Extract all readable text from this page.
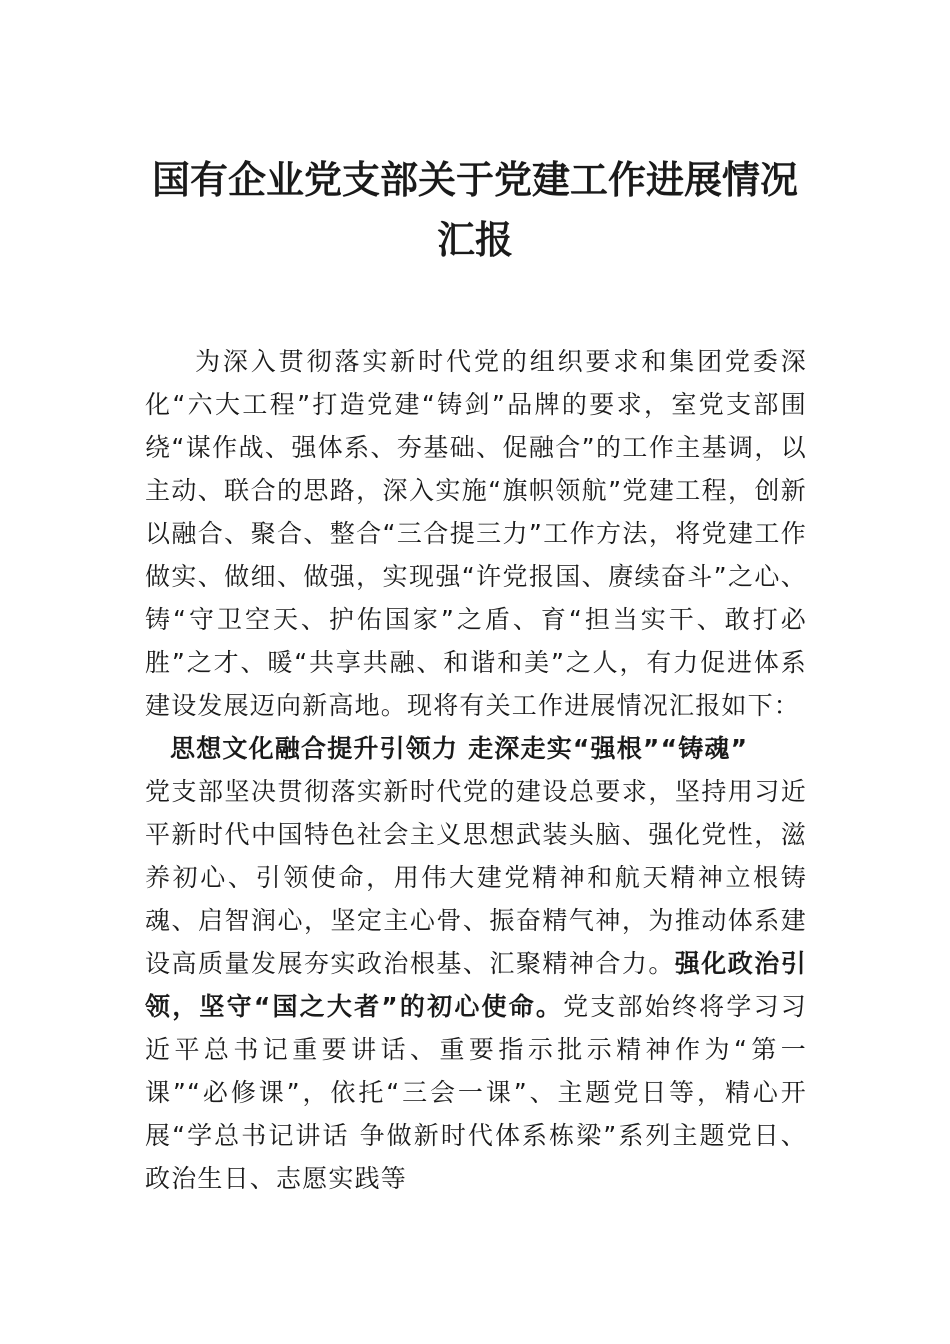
国有企业党支部关于党建工作进展情况汇报

为深入贯彻落实新时代党的组织要求和集团党委深化“六大工程”打造党建“铸剑”品牌的要求，室党支部围绕“谋作战、强体系、夯基础、促融合”的工作主基调，以主动、联合的思路，深入实施“旗帜领航”党建工程，创新以融合、聚合、整合“三合提三力”工作方法，将党建工作做实、做细、做强，实现强“许党报国、赓续奋斗”之心、铸“守卫空天、护佑国家”之盾、育“担当实干、敢打必胜”之才、暖“共享共融、和谐和美”之人，有力促进体系建设发展迈向新高地。现将有关工作进展情况汇报如下：

思想文化融合提升引领力 走深走实“强根”“铸魂”

党支部坚决贯彻落实新时代党的建设总要求，坚持用习近平新时代中国特色社会主义思想武装头脑、强化党性，滋养初心、引领使命，用伟大建党精神和航天精神立根铸魂、启智润心，坚定主心骨、振奋精气神，为推动体系建设高质量发展夯实政治根基、汇聚精神合力。强化政治引领，坚守“国之大者”的初心使命。党支部始终将学习习近平总书记重要讲话、重要指示批示精神作为“第一课”“必修课”，依托“三会一课”、主题党日等，精心开展“学总书记讲话 争做新时代体系栋梁”系列主题党日、政治生日、志愿实践等
